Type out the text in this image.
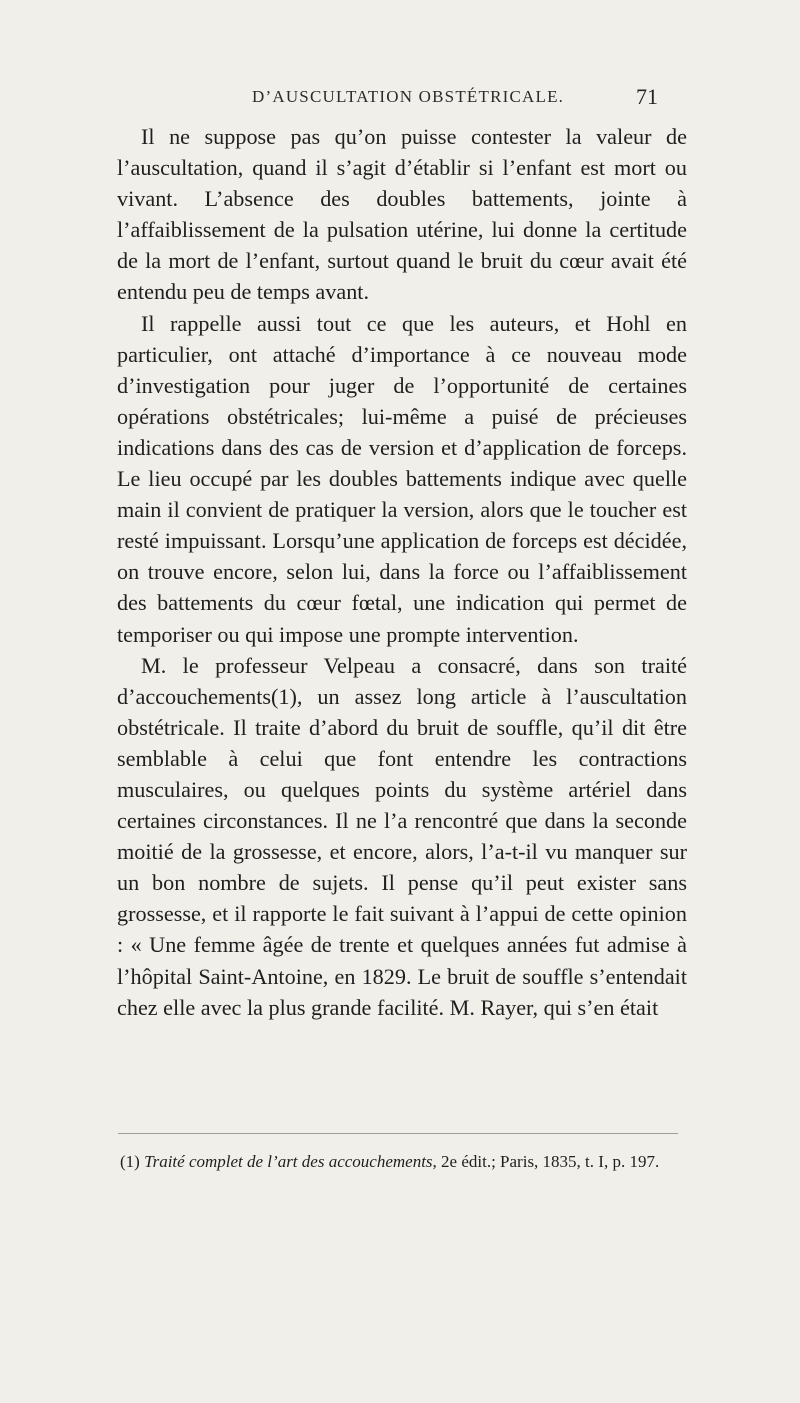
D’AUSCULTATION OBSTÉTRICALE.	71

Il ne suppose pas qu’on puisse contester la valeur de l’auscultation, quand il s’agit d’établir si l’enfant est mort ou vivant. L’absence des doubles battements, jointe à l’affaiblissement de la pulsation utérine, lui donne la certitude de la mort de l’enfant, surtout quand le bruit du cœur avait été entendu peu de temps avant.

Il rappelle aussi tout ce que les auteurs, et Hohl en particulier, ont attaché d’importance à ce nouveau mode d’investigation pour juger de l’opportunité de certaines opérations obstétricales; lui-même a puisé de précieuses indications dans des cas de version et d’application de forceps. Le lieu occupé par les doubles battements indique avec quelle main il convient de pratiquer la version, alors que le toucher est resté impuissant. Lorsqu’une application de forceps est décidée, on trouve encore, selon lui, dans la force ou l’affaiblissement des battements du cœur fœtal, une indication qui permet de temporiser ou qui impose une prompte intervention.

M. le professeur Velpeau a consacré, dans son traité d’accouchements(1), un assez long article à l’auscultation obstétricale. Il traite d’abord du bruit de souffle, qu’il dit être semblable à celui que font entendre les contractions musculaires, ou quelques points du système artériel dans certaines circonstances. Il ne l’a rencontré que dans la seconde moitié de la grossesse, et encore, alors, l’a-t-il vu manquer sur un bon nombre de sujets. Il pense qu’il peut exister sans grossesse, et il rapporte le fait suivant à l’appui de cette opinion : « Une femme âgée de trente et quelques années fut admise à l’hôpital Saint-Antoine, en 1829. Le bruit de souffle s’entendait chez elle avec la plus grande facilité. M. Rayer, qui s’en était

(1) Traité complet de l’art des accouchements, 2e édit.; Paris, 1835, t. I, p. 197.
